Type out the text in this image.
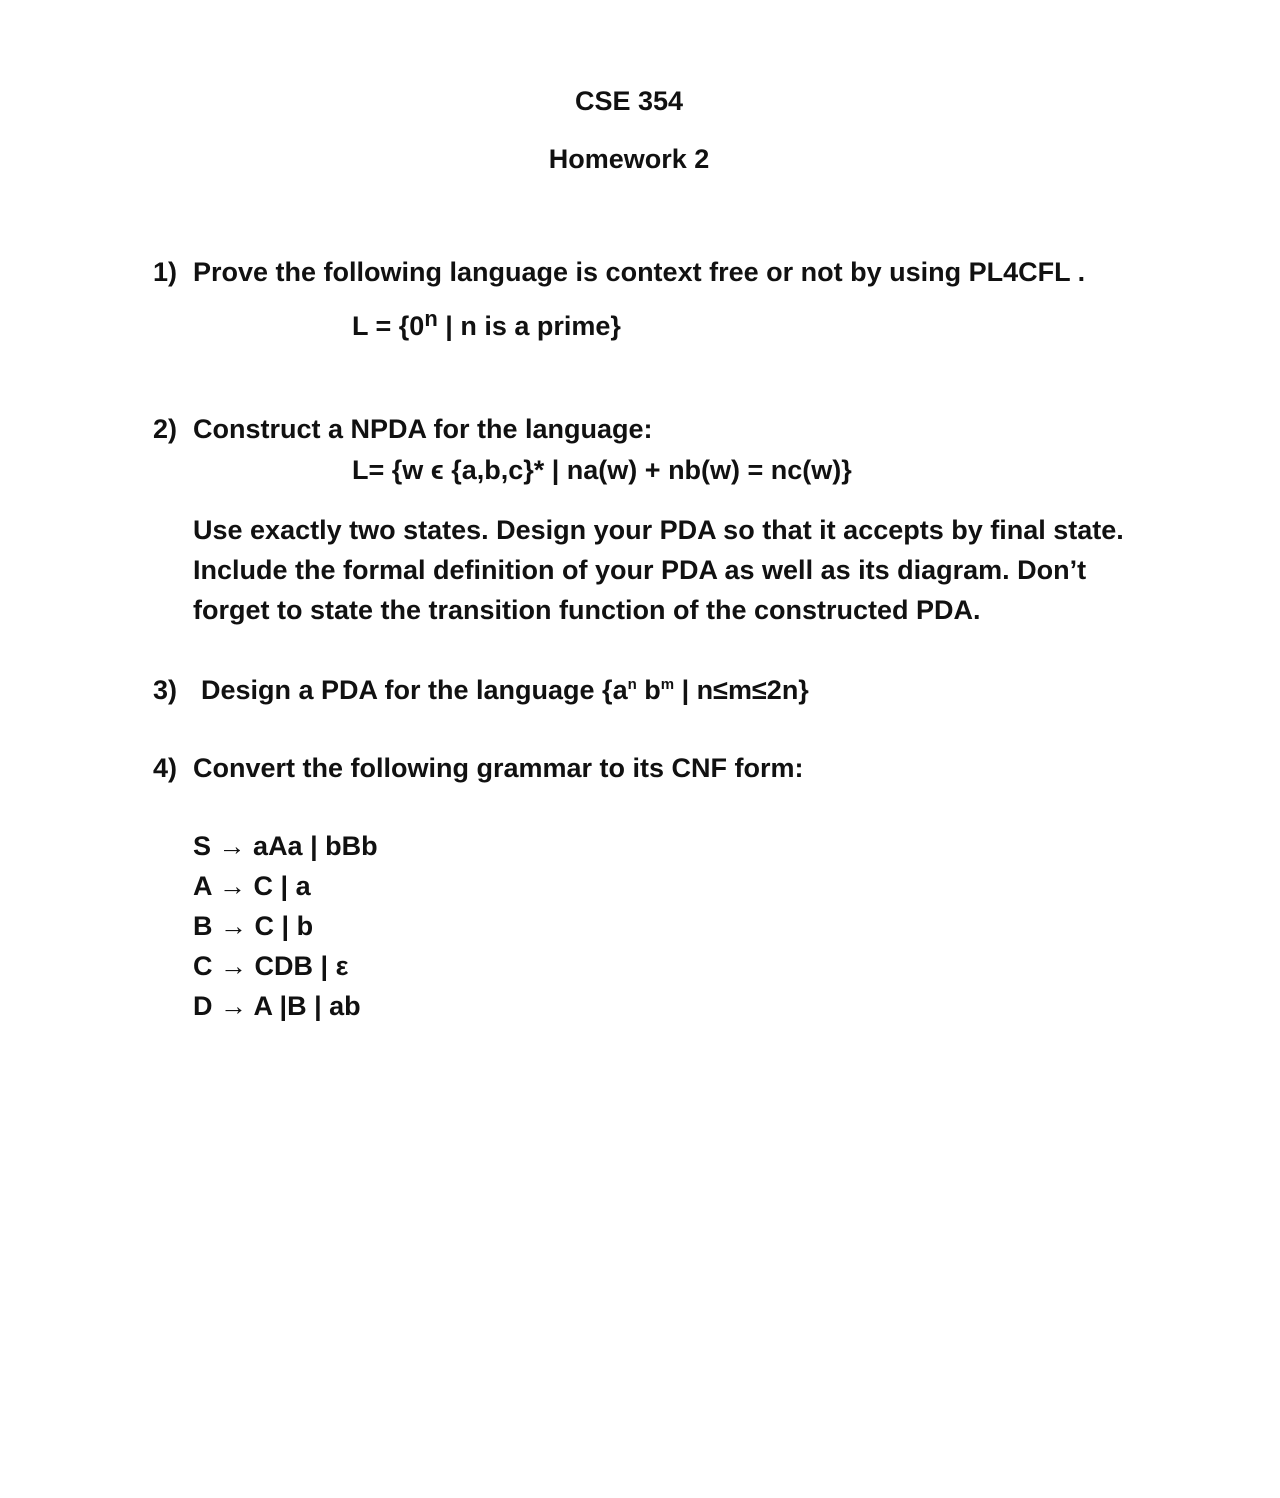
CSE 354
Homework 2
1) Prove the following language is context free or not by using PL4CFL .
$L = \{0^n$ | n is a prime}
2) Construct a NPDA for the language:
L= {w ϵ {a,b,c}* | na(w) + nb(w) = nc(w)}
Use exactly two states. Design your PDA so that it accepts by final state.
Include the formal definition of your PDA as well as its diagram. Don’t
forget to state the transition function of the constructed PDA.
3) Design a PDA for the language {$a^n$ $b^m$ | n≤m≤2n}
4) Convert the following grammar to its CNF form:
S → aAa | bBb
A → C | a
B → C | b
C → CDB | ε
D → A |B | ab
